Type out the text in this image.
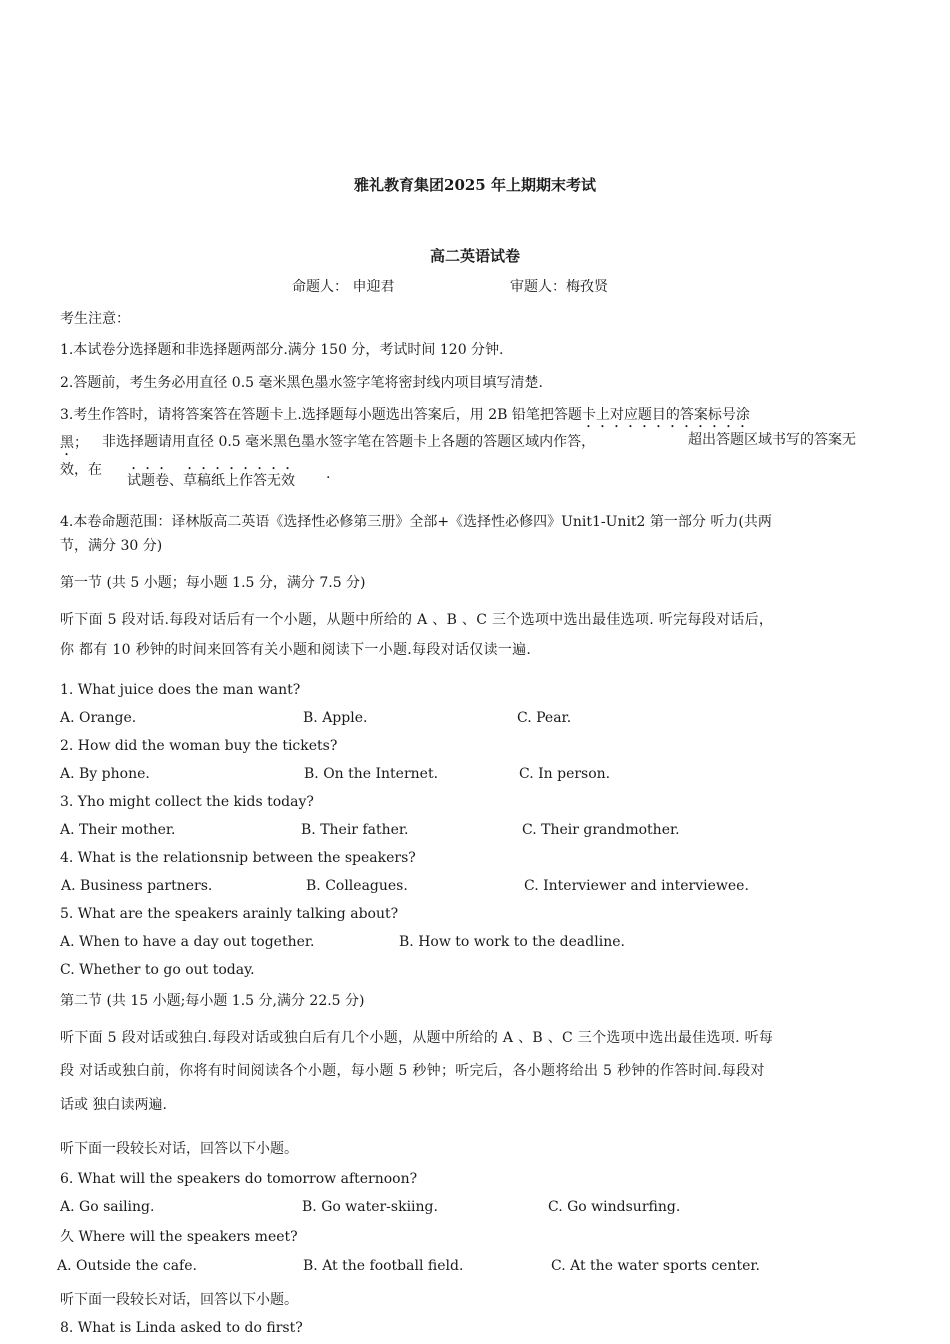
雅礼教育集团2025 年上期期末考试
高二英语试卷
命题人： 申迎君	审题人：梅孜贤
考生注意：
1.本试卷分选择题和非选择题两部分.满分 150 分，考试时间 120 分钟.
2.答题前，考生务必用直径 0.5 毫米黑色墨水签字笔将密封线内项目填写清楚.
3.考生作答时，请将答案答在答题卡上.选择题每小题选出答案后，用 2B 铅笔把答题卡上对应题目的答案标号涂
黑； 非选择题请用直径 0.5 毫米黑色墨水签字笔在答题卡上各题的答题区域内作答，	超出答题区域书写的答案无
效，在
试题卷、草稿纸上作答无效 .
4.本卷命题范围：译林版高二英语《选择性必修第三册》全部+《选择性必修四》Unit1-Unit2 第一部分 听力(共两
节，满分 30 分)
第一节 (共 5 小题；每小题 1.5 分，满分 7.5 分)
听下面 5 段对话.每段对话后有一个小题，从题中所给的 A 、B 、C 三个选项中选出最佳选项. 听完每段对话后，
你 都有 10 秒钟的时间来回答有关小题和阅读下一小题.每段对话仅读一遍.
1. What juice does the man want?
A. Orange.	B. Apple.	C. Pear.
2. How did the woman buy the tickets?
A. By phone.	B. On the Internet.	C. In person.
3. Yho might collect the kids today?
A. Their mother.	B. Their father.	C. Their grandmother.
4. What is the relationsnip between the speakers?
A. Business partners.	B. Colleagues.	C. Interviewer and interviewee.
5. What are the speakers arainly talking about?
A. When to have a day out together.	B. How to work to the deadline.
C. Whether to go out today.
第二节 (共 15 小题;每小题 1.5 分,满分 22.5 分)
听下面 5 段对话或独白.每段对话或独白后有几个小题，从题中所给的 A 、B 、C 三个选项中选出最佳选项. 听每
段 对话或独白前，你将有时间阅读各个小题，每小题 5 秒钟；听完后，各小题将给出 5 秒钟的作答时间.每段对
话或 独白读两遍.
听下面一段较长对话，回答以下小题。
6. What will the speakers do tomorrow afternoon?
A. Go sailing.	B. Go water-skiing.	C. Go windsurfing.
久 Where will the speakers meet?
A. Outside the cafe.	B. At the football field.	C. At the water sports center.
听下面一段较长对话，回答以下小题。
8. What is Linda asked to do first?
